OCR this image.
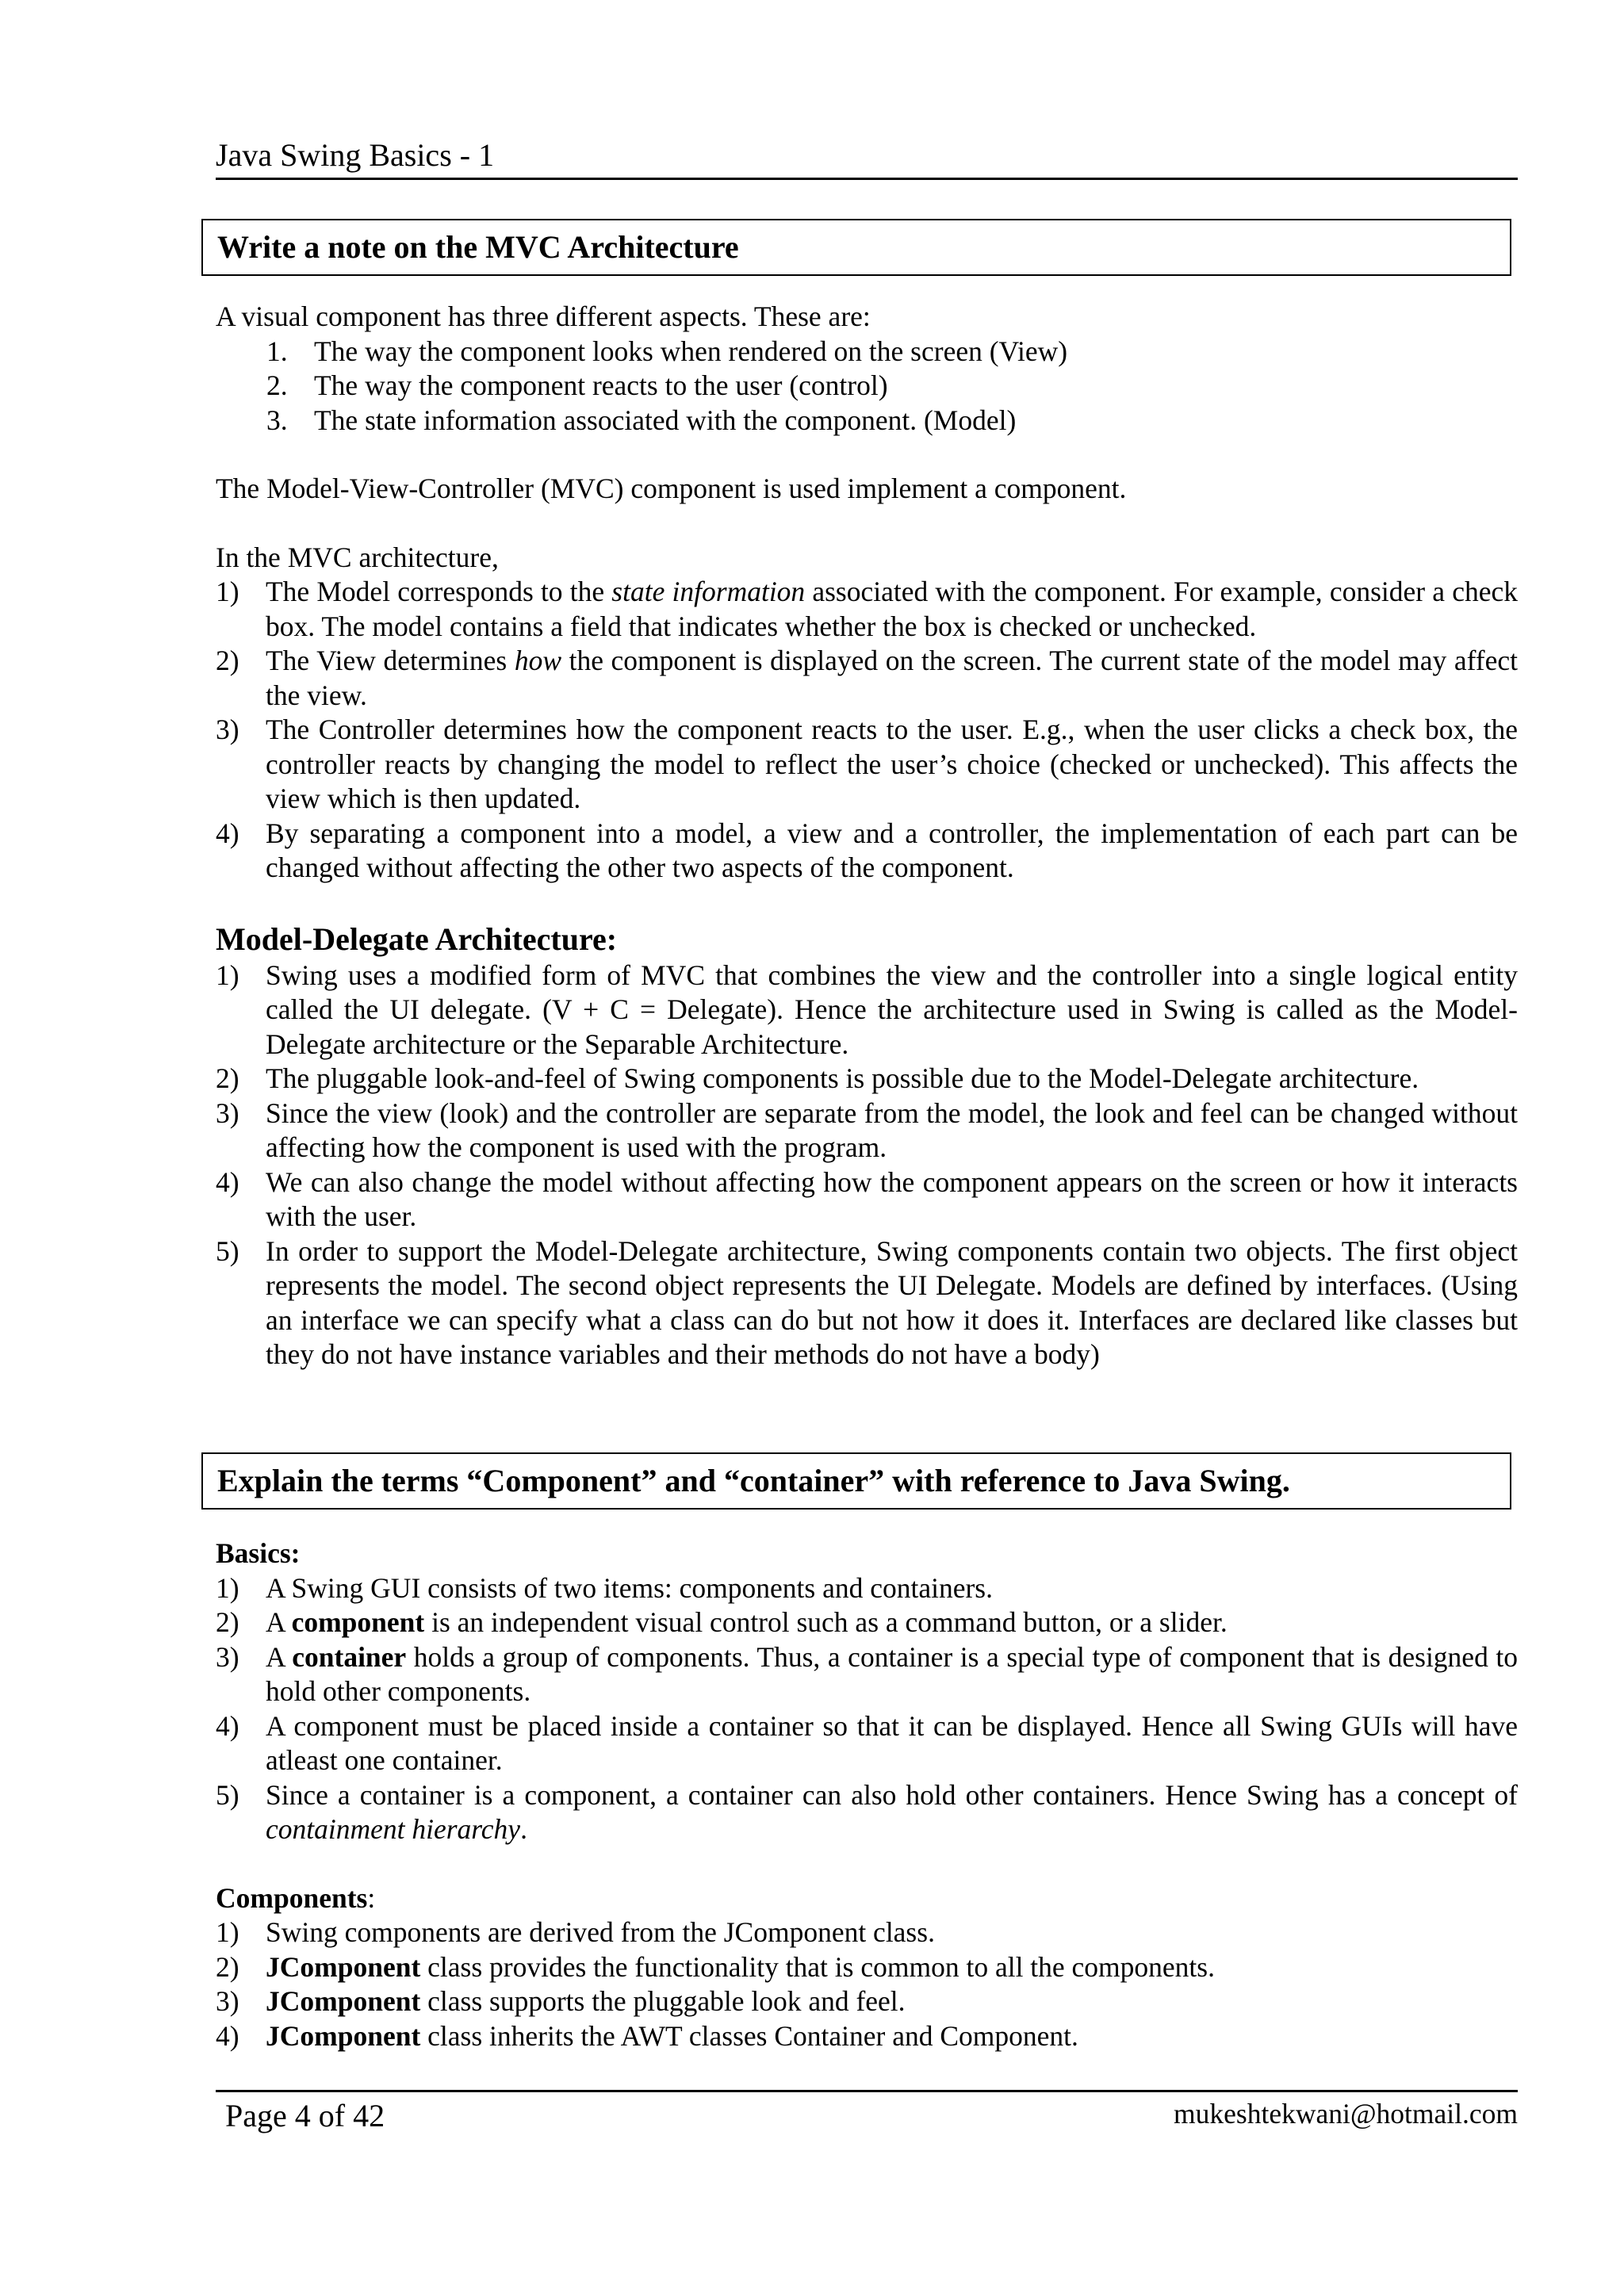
Java Swing Basics - 1
Write a note on the MVC Architecture

A visual component has three different aspects. These are:

1. The way the component looks when rendered on the screen (View)
2. The way the component reacts to the user (control)
3. The state information associated with the component. (Model)

The Model-View-Controller (MVC) component is used implement a component.

In the MVC architecture,

1) The Model corresponds to the state information associated with the component. For example, consider a check box. The model contains a field that indicates whether the box is checked or unchecked.
2) The View determines how the component is displayed on the screen. The current state of the model may affect the view.
3) The Controller determines how the component reacts to the user. E.g., when the user clicks a check box, the controller reacts by changing the model to reflect the user’s choice (checked or unchecked). This affects the view which is then updated.
4) By separating a component into a model, a view and a controller, the implementation of each part can be changed without affecting the other two aspects of the component.

Model-Delegate Architecture:

1) Swing uses a modified form of MVC that combines the view and the controller into a single logical entity called the UI delegate. (V + C = Delegate). Hence the architecture used in Swing is called as the Model-Delegate architecture or the Separable Architecture.
2) The pluggable look-and-feel of Swing components is possible due to the Model-Delegate architecture.
3) Since the view (look) and the controller are separate from the model, the look and feel can be changed without affecting how the component is used with the program.
4) We can also change the model without affecting how the component appears on the screen or how it interacts with the user.
5) In order to support the Model-Delegate architecture, Swing components contain two objects. The first object represents the model. The second object represents the UI Delegate. Models are defined by interfaces. (Using an interface we can specify what a class can do but not how it does it. Interfaces are declared like classes but they do not have instance variables and their methods do not have a body)
Explain the terms “Component” and “container” with reference to Java Swing.

Basics:

1) A Swing GUI consists of two items: components and containers.
2) A component is an independent visual control such as a command button, or a slider.
3) A container holds a group of components. Thus, a container is a special type of component that is designed to hold other components.
4) A component must be placed inside a container so that it can be displayed. Hence all Swing GUIs will have atleast one container.
5) Since a container is a component, a container can also hold other containers. Hence Swing has a concept of containment hierarchy.

Components:

1) Swing components are derived from the JComponent class.
2) JComponent class provides the functionality that is common to all the components.
3) JComponent class supports the pluggable look and feel.
4) JComponent class inherits the AWT classes Container and Component.
Page 4 of 42	mukeshtekwani@hotmail.com
